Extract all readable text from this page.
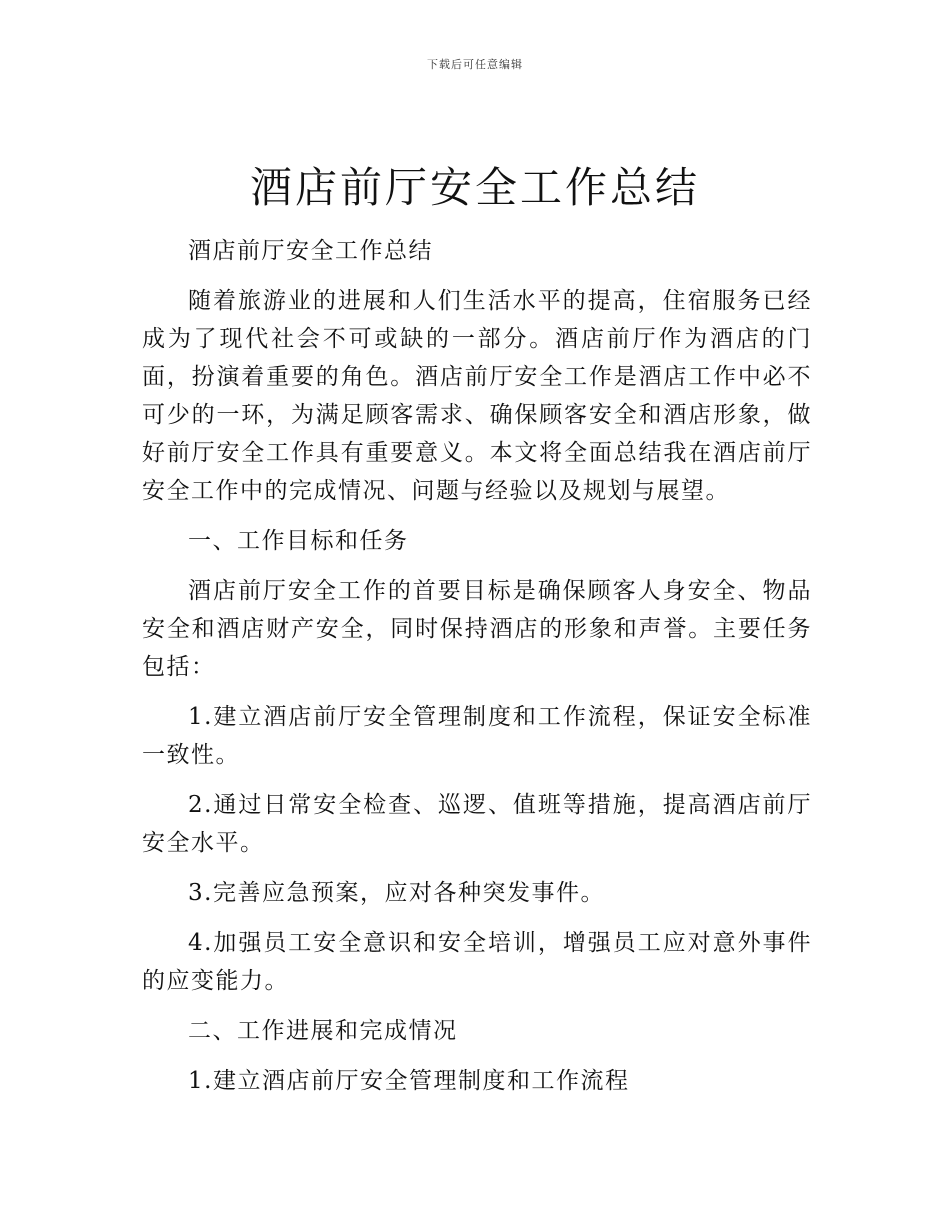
下载后可任意编辑
酒店前厅安全工作总结

酒店前厅安全工作总结

随着旅游业的进展和人们生活水平的提高，住宿服务已经成为了现代社会不可或缺的一部分。酒店前厅作为酒店的门面，扮演着重要的角色。酒店前厅安全工作是酒店工作中必不可少的一环，为满足顾客需求、确保顾客安全和酒店形象，做好前厅安全工作具有重要意义。本文将全面总结我在酒店前厅安全工作中的完成情况、问题与经验以及规划与展望。

一、工作目标和任务

酒店前厅安全工作的首要目标是确保顾客人身安全、物品安全和酒店财产安全，同时保持酒店的形象和声誉。主要任务包括：

1.建立酒店前厅安全管理制度和工作流程，保证安全标准一致性。

2.通过日常安全检查、巡逻、值班等措施，提高酒店前厅安全水平。

3.完善应急预案，应对各种突发事件。

4.加强员工安全意识和安全培训，增强员工应对意外事件的应变能力。

二、工作进展和完成情况

1.建立酒店前厅安全管理制度和工作流程
